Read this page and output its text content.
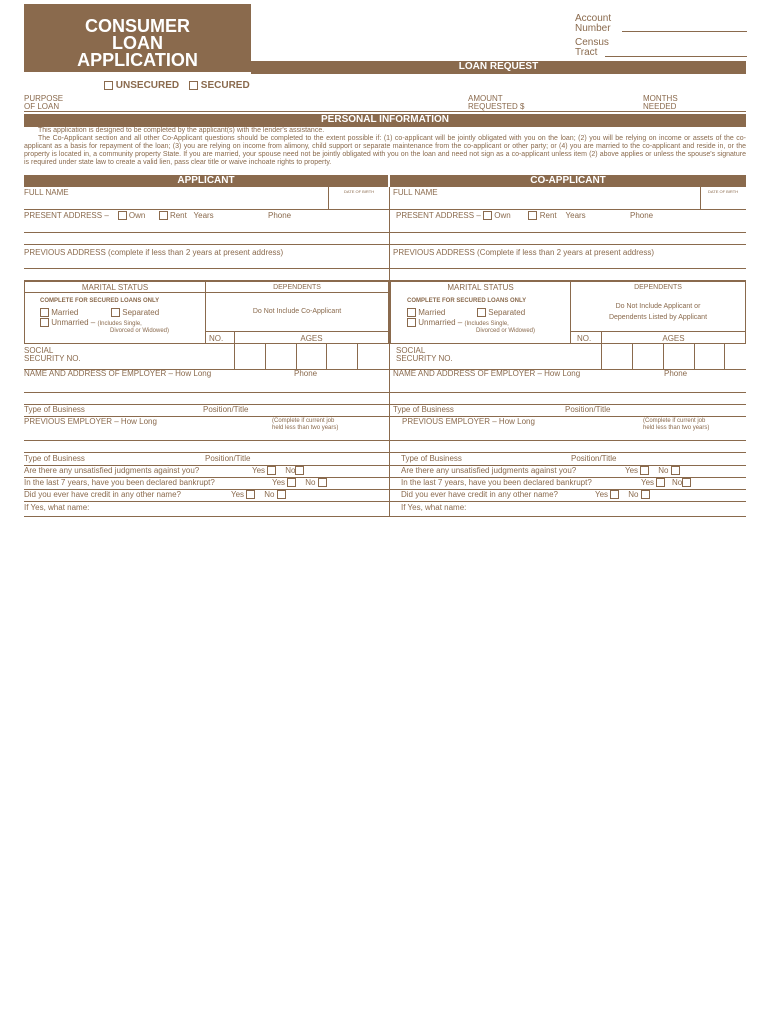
CONSUMER
LOAN
APPLICATION
Account
Number
Census
Tract
LOAN REQUEST
UNSECURED	SECURED
PURPOSE
OF LOAN
AMOUNT
REQUESTED $
MONTHS
NEEDED
PERSONAL INFORMATION

This application is designed to be completed by the applicant(s) with the lender's assistance.

The Co-Applicant section and all other Co-Applicant questions should be completed to the extent possible if: (1) co-applicant will be jointly obligated with you on the loan; (2) you will be relying on income or assets of the co-applicant as a basis for repayment of the loan; (3) you are relying on income from alimony, child support or separate maintenance from the co-applicant or other party; or (4) you are married to the co-applicant and reside in, or the property is located in, a community property State. If you are married, your spouse need not be jointly obligated with you on the loan and need not sign as a co-applicant unless item (2) above applies or unless the spouse's signature is required under state law to create a valid lien, pass clear title or waive inchoate rights to property.

APPLICANT	CO-APPLICANT
FULL NAME	DATE OF BIRTH
PRESENT ADDRESS –	Own	Rent Years	Phone
PREVIOUS ADDRESS (complete if less than 2 years at present address)
MARITAL STATUS	DEPENDENTS
COMPLETE FOR SECURED LOANS ONLY
Married	Separated
Unmarried – (Includes Single,
Divorced or Widowed)
Do Not Include Co-Applicant
NO.	AGES
SOCIAL
SECURITY NO.
NAME AND ADDRESS OF EMPLOYER – How Long	Phone
Type of Business	Position/Title
PREVIOUS EMPLOYER – How Long	(Complete if current job
held less than two years)
Type of Business	Position/Title
Are there any unsatisfied judgments against you?	Yes	No
In the last 7 years, have you been declared bankrupt?	Yes	No
Did you ever have credit in any other name?	Yes	No
If Yes, what name:
FULL NAME	DATE OF BIRTH
PRESENT ADDRESS – Own	Rent Years	Phone
PREVIOUS ADDRESS (Complete if less than 2 years at present address)
MARITAL STATUS	DEPENDENTS
COMPLETE FOR SECURED LOANS ONLY
Married	Separated
Unmarried – (Includes Single,
Divorced or Widowed)
Do Not Include Applicant or
Dependents Listed by Applicant
NO.	AGES
SOCIAL
SECURITY NO.
NAME AND ADDRESS OF EMPLOYER – How Long	Phone
Type of Business	Position/Title
PREVIOUS EMPLOYER – How Long	(Complete if current job
held less than two years)
Type of Business	Position/Title
Are there any unsatisfied judgments against you?	Yes	No
In the last 7 years, have you been declared bankrupt?	Yes No
Did you ever have credit in any other name?	Yes	No
If Yes, what name:
